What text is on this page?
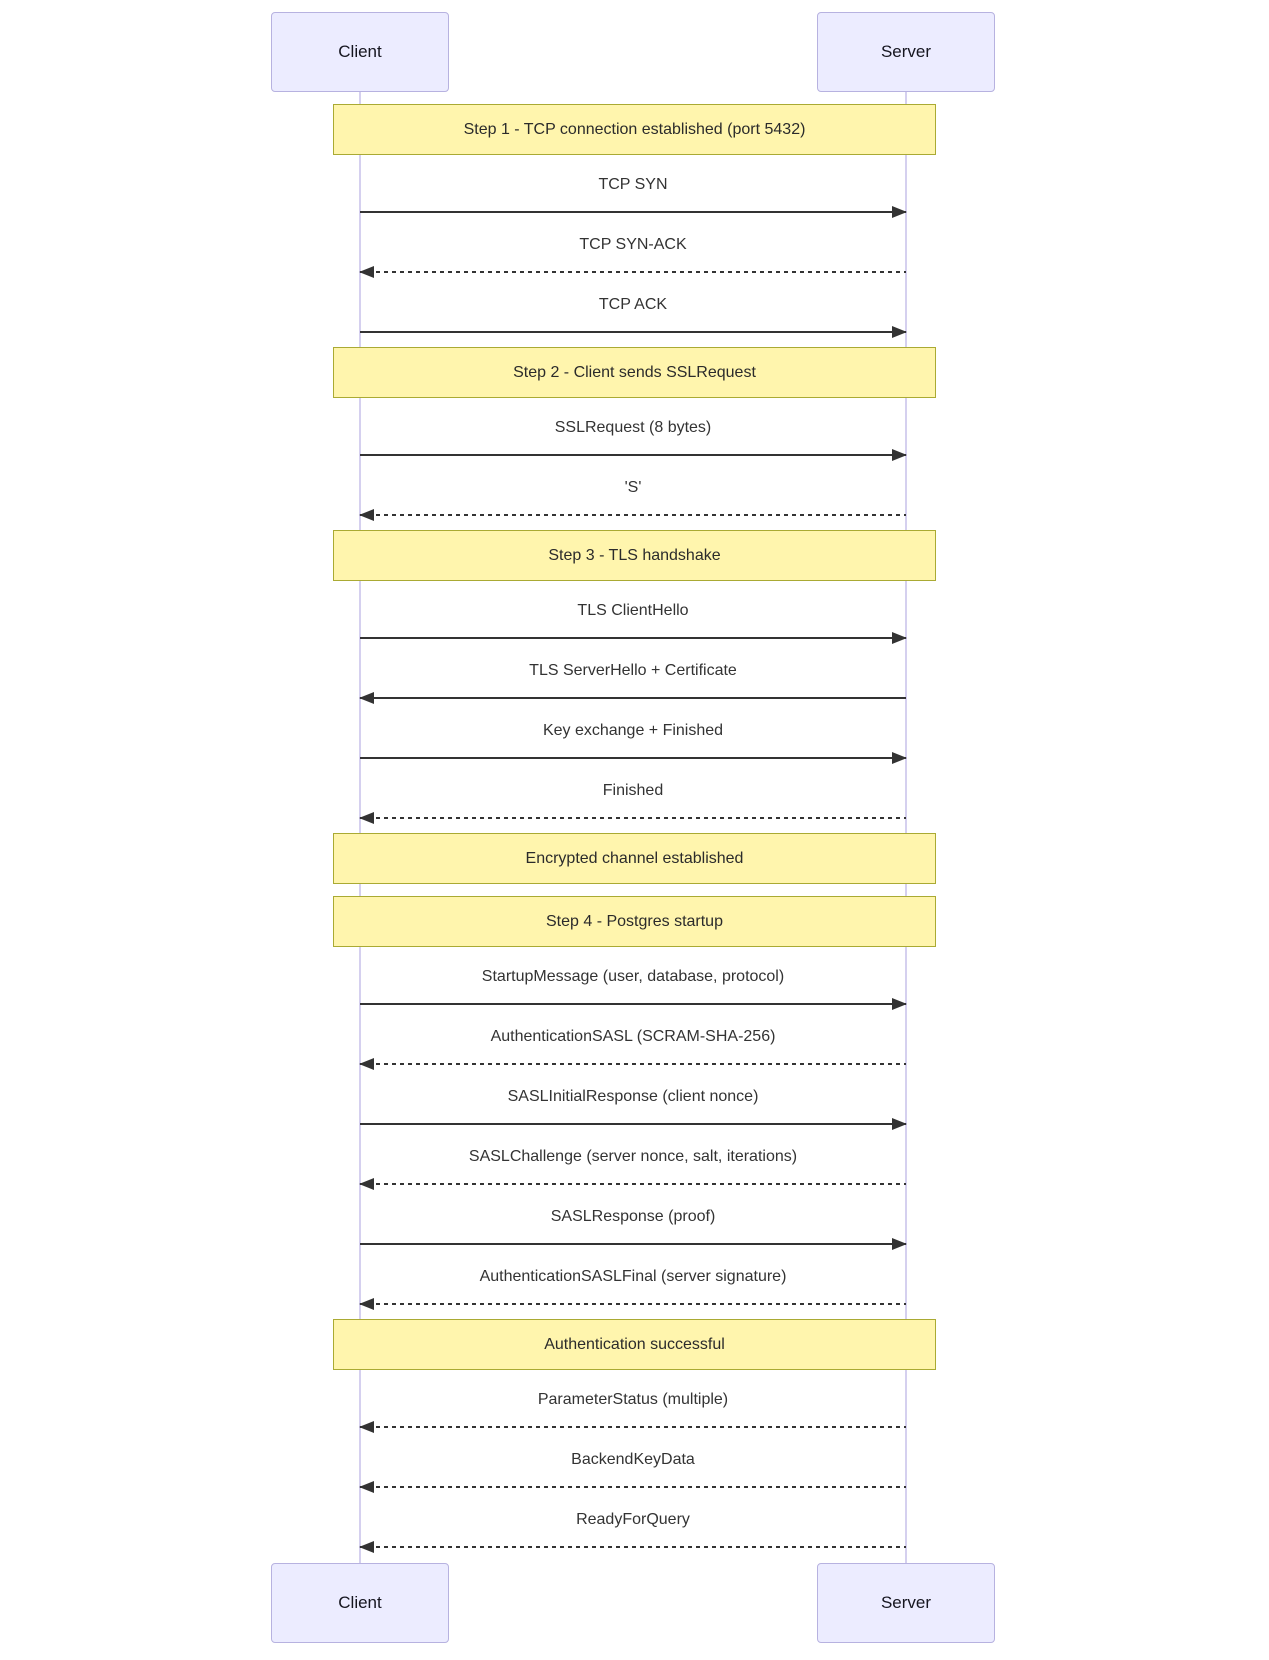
Client	Server
Step 1 - TCP connection established (port 5432)
TCP SYN
TCP SYN-ACK
TCP ACK
Step 2 - Client sends SSLRequest
SSLRequest (8 bytes)
'S'
Step 3 - TLS handshake
TLS ClientHello
TLS ServerHello + Certificate
Key exchange + Finished
Finished
Encrypted channel established
Step 4 - Postgres startup
StartupMessage (user, database, protocol)
AuthenticationSASL (SCRAM-SHA-256)
SASLInitialResponse (client nonce)
SASLChallenge (server nonce, salt, iterations)
SASLResponse (proof)
AuthenticationSASLFinal (server signature)
Authentication successful
ParameterStatus (multiple)
BackendKeyData
ReadyForQuery
Client	Server
